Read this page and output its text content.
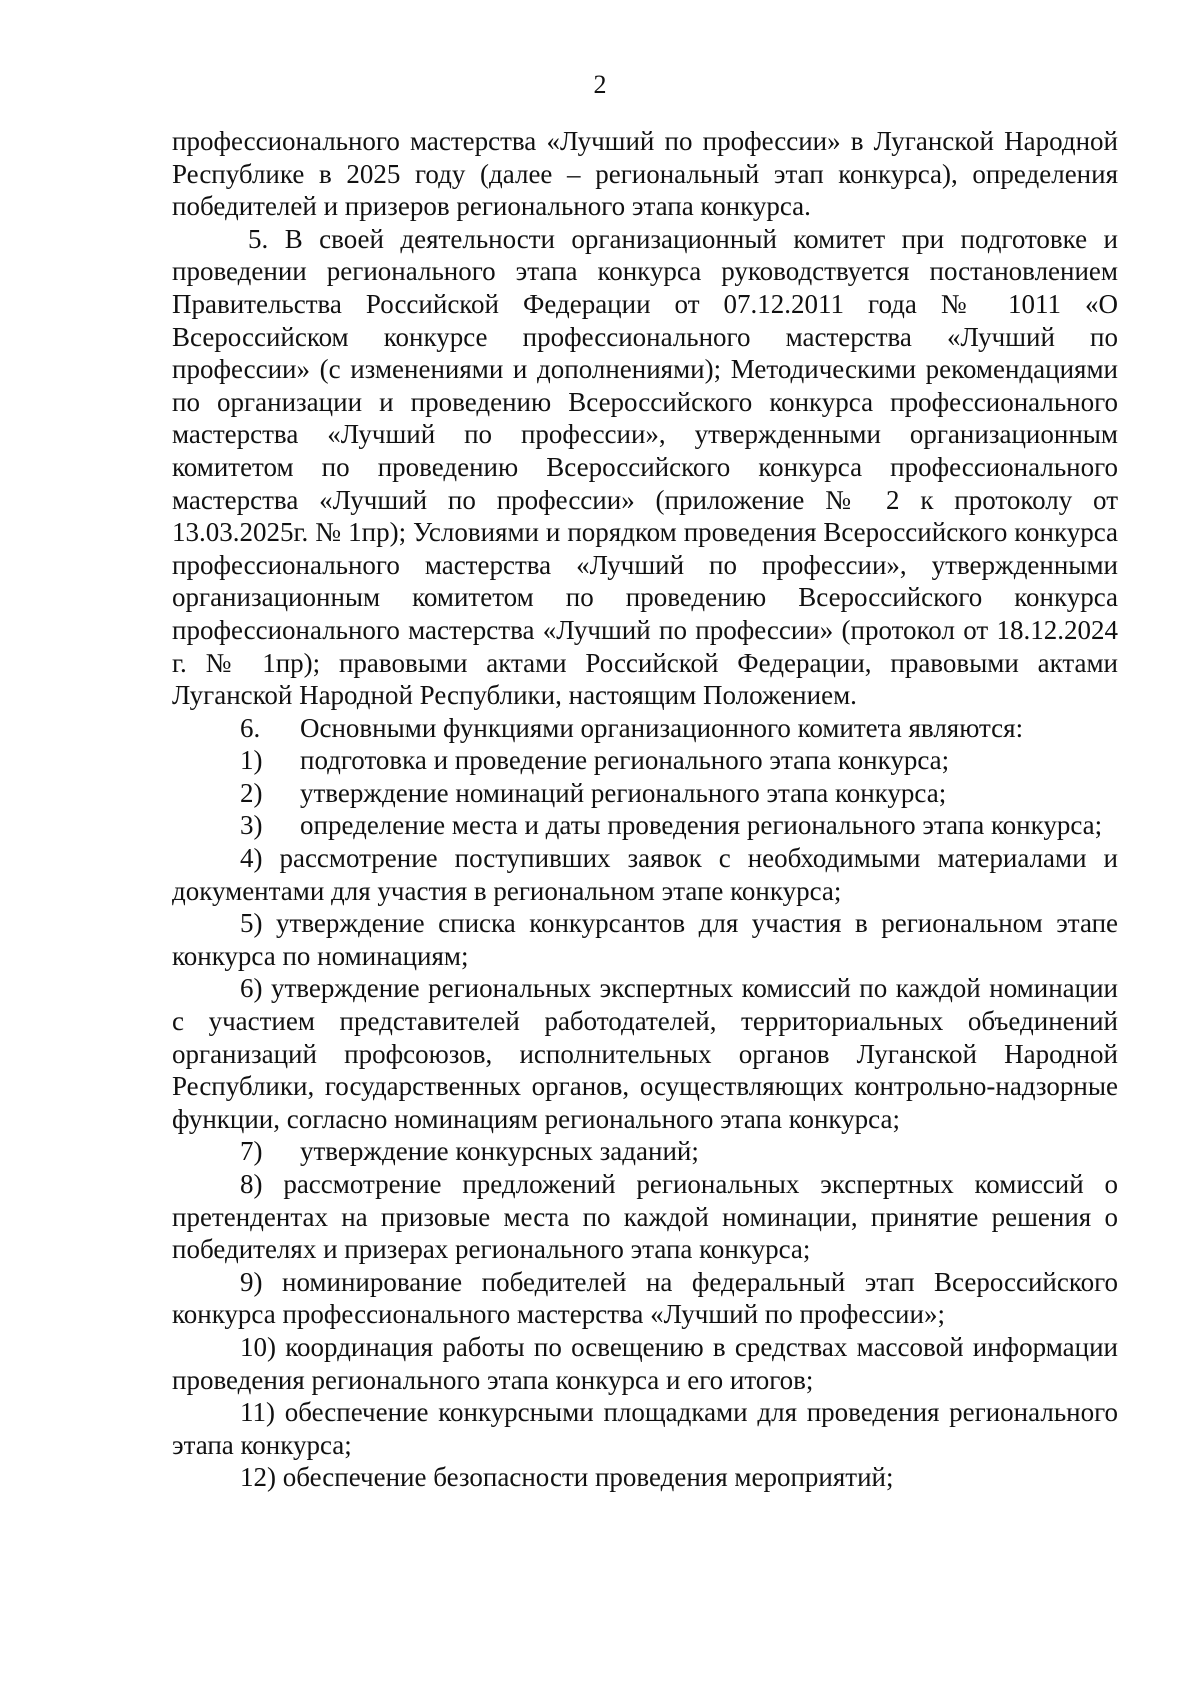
2

профессионального мастерства «Лучший по профессии» в Луганской Народной Республике в 2025 году (далее – региональный этап конкурса), определения победителей и призеров регионального этапа конкурса.

5. В своей деятельности организационный комитет при подготовке и проведении регионального этапа конкурса руководствуется постановлением Правительства Российской Федерации от 07.12.2011 года № 1011 «О Всероссийском конкурсе профессионального мастерства «Лучший по профессии» (с изменениями и дополнениями); Методическими рекомендациями по организации и проведению Всероссийского конкурса профессионального мастерства «Лучший по профессии», утвержденными организационным комитетом по проведению Всероссийского конкурса профессионального мастерства «Лучший по профессии» (приложение № 2 к протоколу от 13.03.2025г. № 1пр); Условиями и порядком проведения Всероссийского конкурса профессионального мастерства «Лучший по профессии», утвержденными организационным комитетом по проведению Всероссийского конкурса профессионального мастерства «Лучший по профессии» (протокол от 18.12.2024 г. № 1пр); правовыми актами Российской Федерации, правовыми актами Луганской Народной Республики, настоящим Положением.

6. Основными функциями организационного комитета являются:

1) подготовка и проведение регионального этапа конкурса;

2) утверждение номинаций регионального этапа конкурса;

3) определение места и даты проведения регионального этапа конкурса;

4) рассмотрение поступивших заявок с необходимыми материалами и документами для участия в региональном этапе конкурса;

5) утверждение списка конкурсантов для участия в региональном этапе конкурса по номинациям;

6) утверждение региональных экспертных комиссий по каждой номинации с участием представителей работодателей, территориальных объединений организаций профсоюзов, исполнительных органов Луганской Народной Республики, государственных органов, осуществляющих контрольно-надзорные функции, согласно номинациям регионального этапа конкурса;

7) утверждение конкурсных заданий;

8) рассмотрение предложений региональных экспертных комиссий о претендентах на призовые места по каждой номинации, принятие решения о победителях и призерах регионального этапа конкурса;

9) номинирование победителей на федеральный этап Всероссийского конкурса профессионального мастерства «Лучший по профессии»;

10) координация работы по освещению в средствах массовой информации проведения регионального этапа конкурса и его итогов;

11) обеспечение конкурсными площадками для проведения регионального этапа конкурса;

12) обеспечение безопасности проведения мероприятий;
